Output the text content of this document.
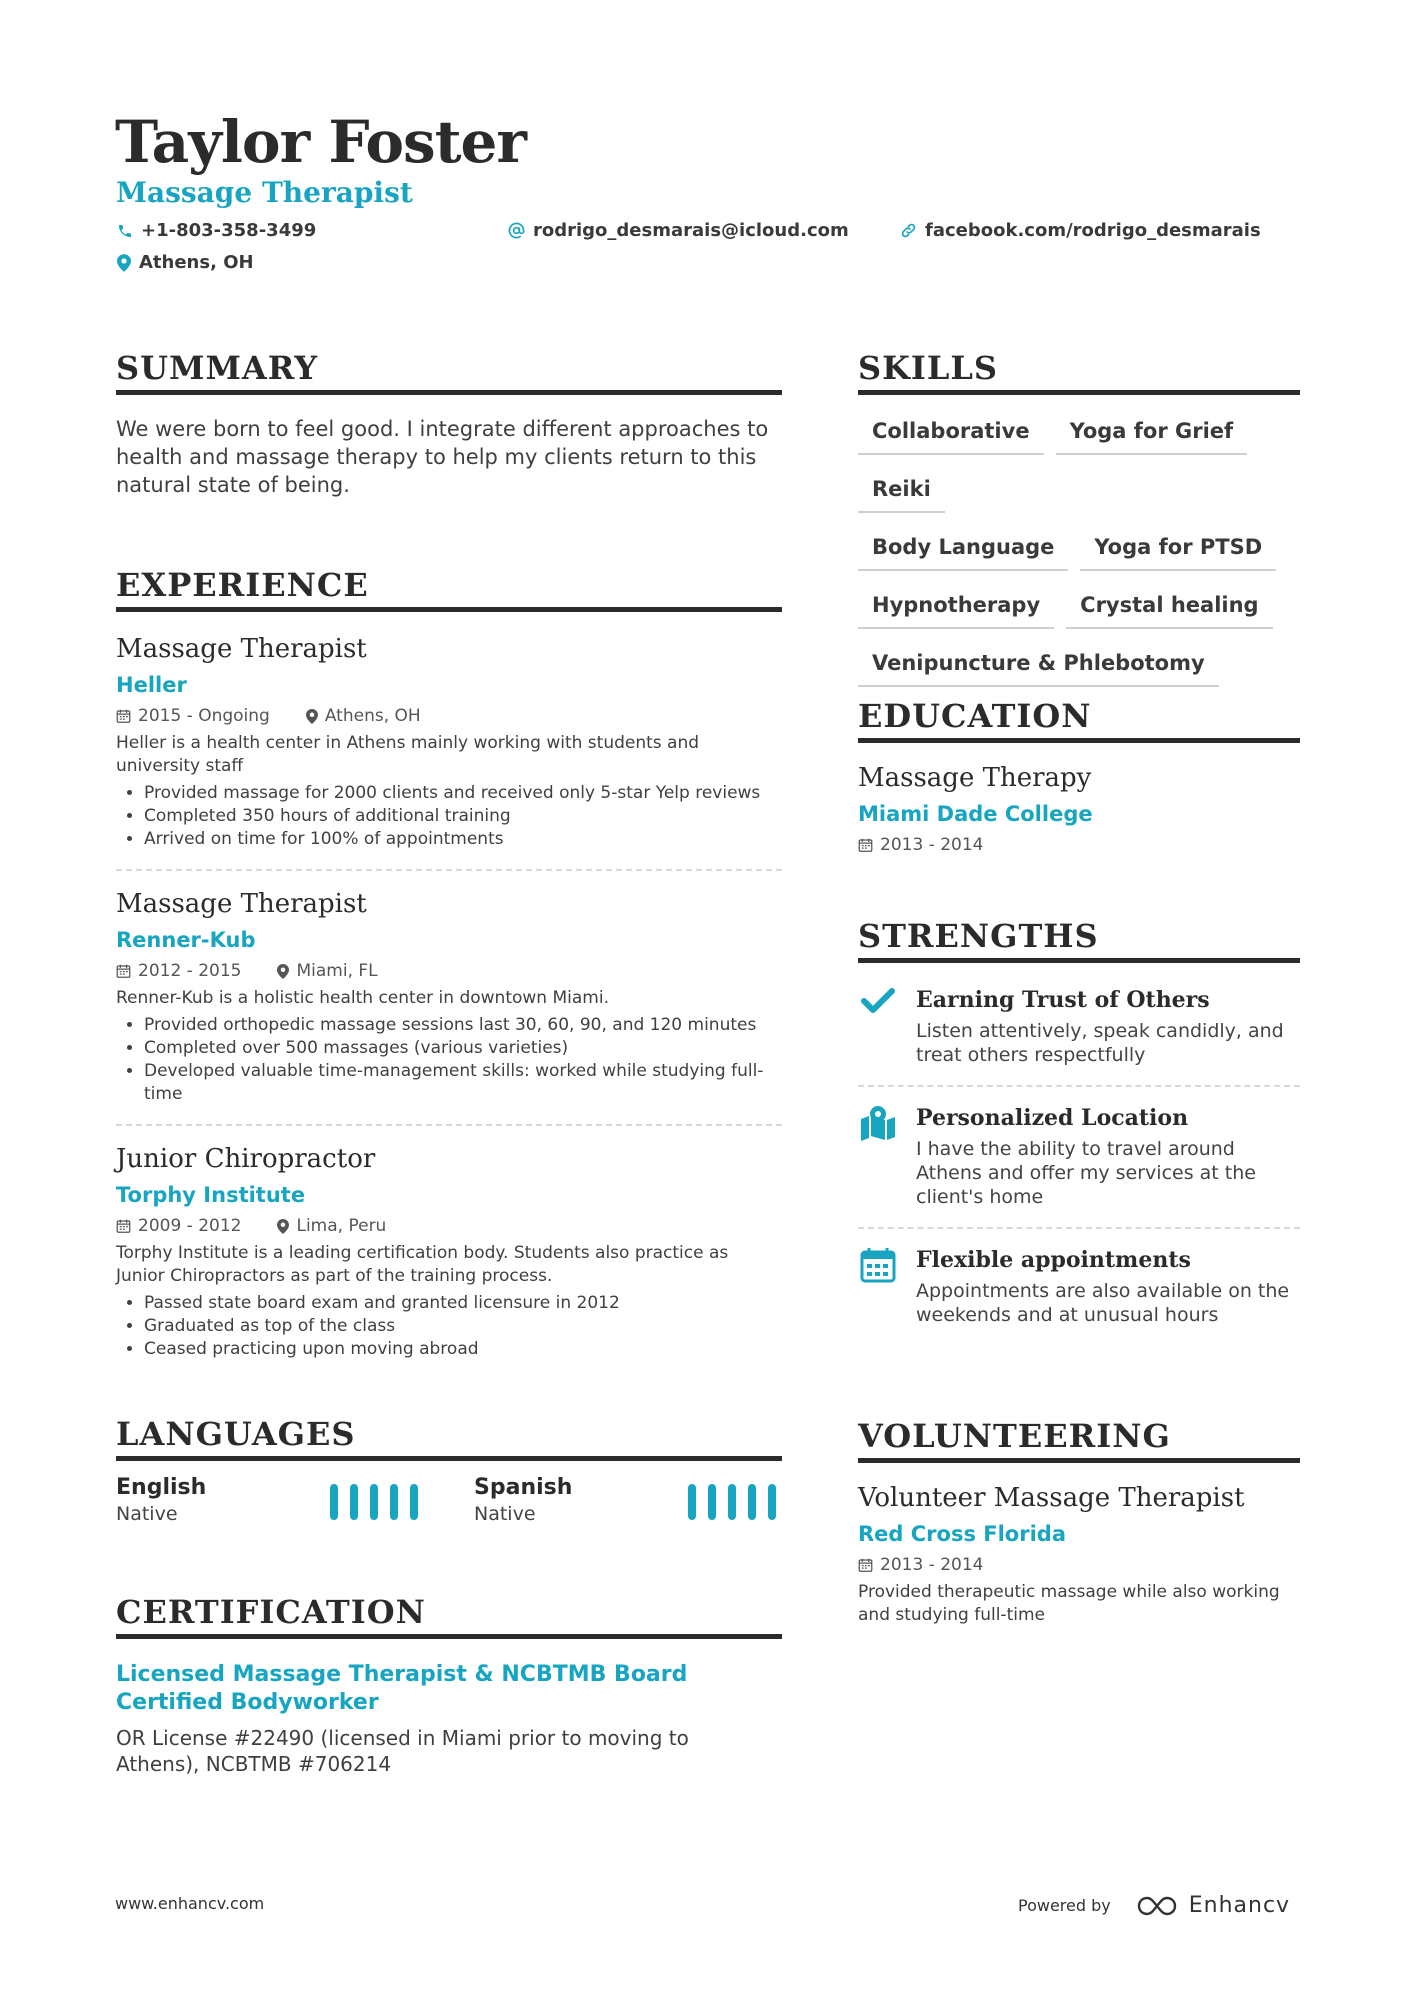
Taylor Foster
Massage Therapist
+1-803-358-3499	rodrigo_desmarais@icloud.com	facebook.com/rodrigo_desmarais
Athens, OH
SUMMARY

We were born to feel good. I integrate different approaches to health and massage therapy to help my clients return to this natural state of being.

EXPERIENCE

Massage Therapist

Heller

2015 - Ongoing	Athens, OH

Heller is a health center in Athens mainly working with students and university staff

• Provided massage for 2000 clients and received only 5-star Yelp reviews
• Completed 350 hours of additional training
• Arrived on time for 100% of appointments

Massage Therapist

Renner-Kub

2012 - 2015	Miami, FL

Renner-Kub is a holistic health center in downtown Miami.

• Provided orthopedic massage sessions last 30, 60, 90, and 120 minutes
• Completed over 500 massages (various varieties)
• Developed valuable time-management skills: worked while studying full-time

Junior Chiropractor

Torphy Institute

2009 - 2012	Lima, Peru

Torphy Institute is a leading certification body. Students also practice as Junior Chiropractors as part of the training process.

• Passed state board exam and granted licensure in 2012
• Graduated as top of the class
• Ceased practicing upon moving abroad
LANGUAGES
English
Native
Spanish
Native
CERTIFICATION

Licensed Massage Therapist & NCBTMB Board Certified Bodyworker

OR License #22490 (licensed in Miami prior to moving to Athens), NCBTMB #706214

SKILLS
Collaborative Yoga for GriefReiki
Body Language Yoga for PTSD
Hypnotherapy Crystal healing
Venipuncture & Phlebotomy
EDUCATION

Massage Therapy

Miami Dade College

2013 - 2014
STRENGTHS
Earning Trust of Others

Listen attentively, speak candidly, and treat others respectfully

Personalized Location

I have the ability to travel around Athens and offer my services at the client's home

Flexible appointments

Appointments are also available on the weekends and at unusual hours

VOLUNTEERING

Volunteer Massage Therapist

Red Cross Florida

2013 - 2014

Provided therapeutic massage while also working and studying full-time

www.enhancv.com	Powered by	Enhancv
